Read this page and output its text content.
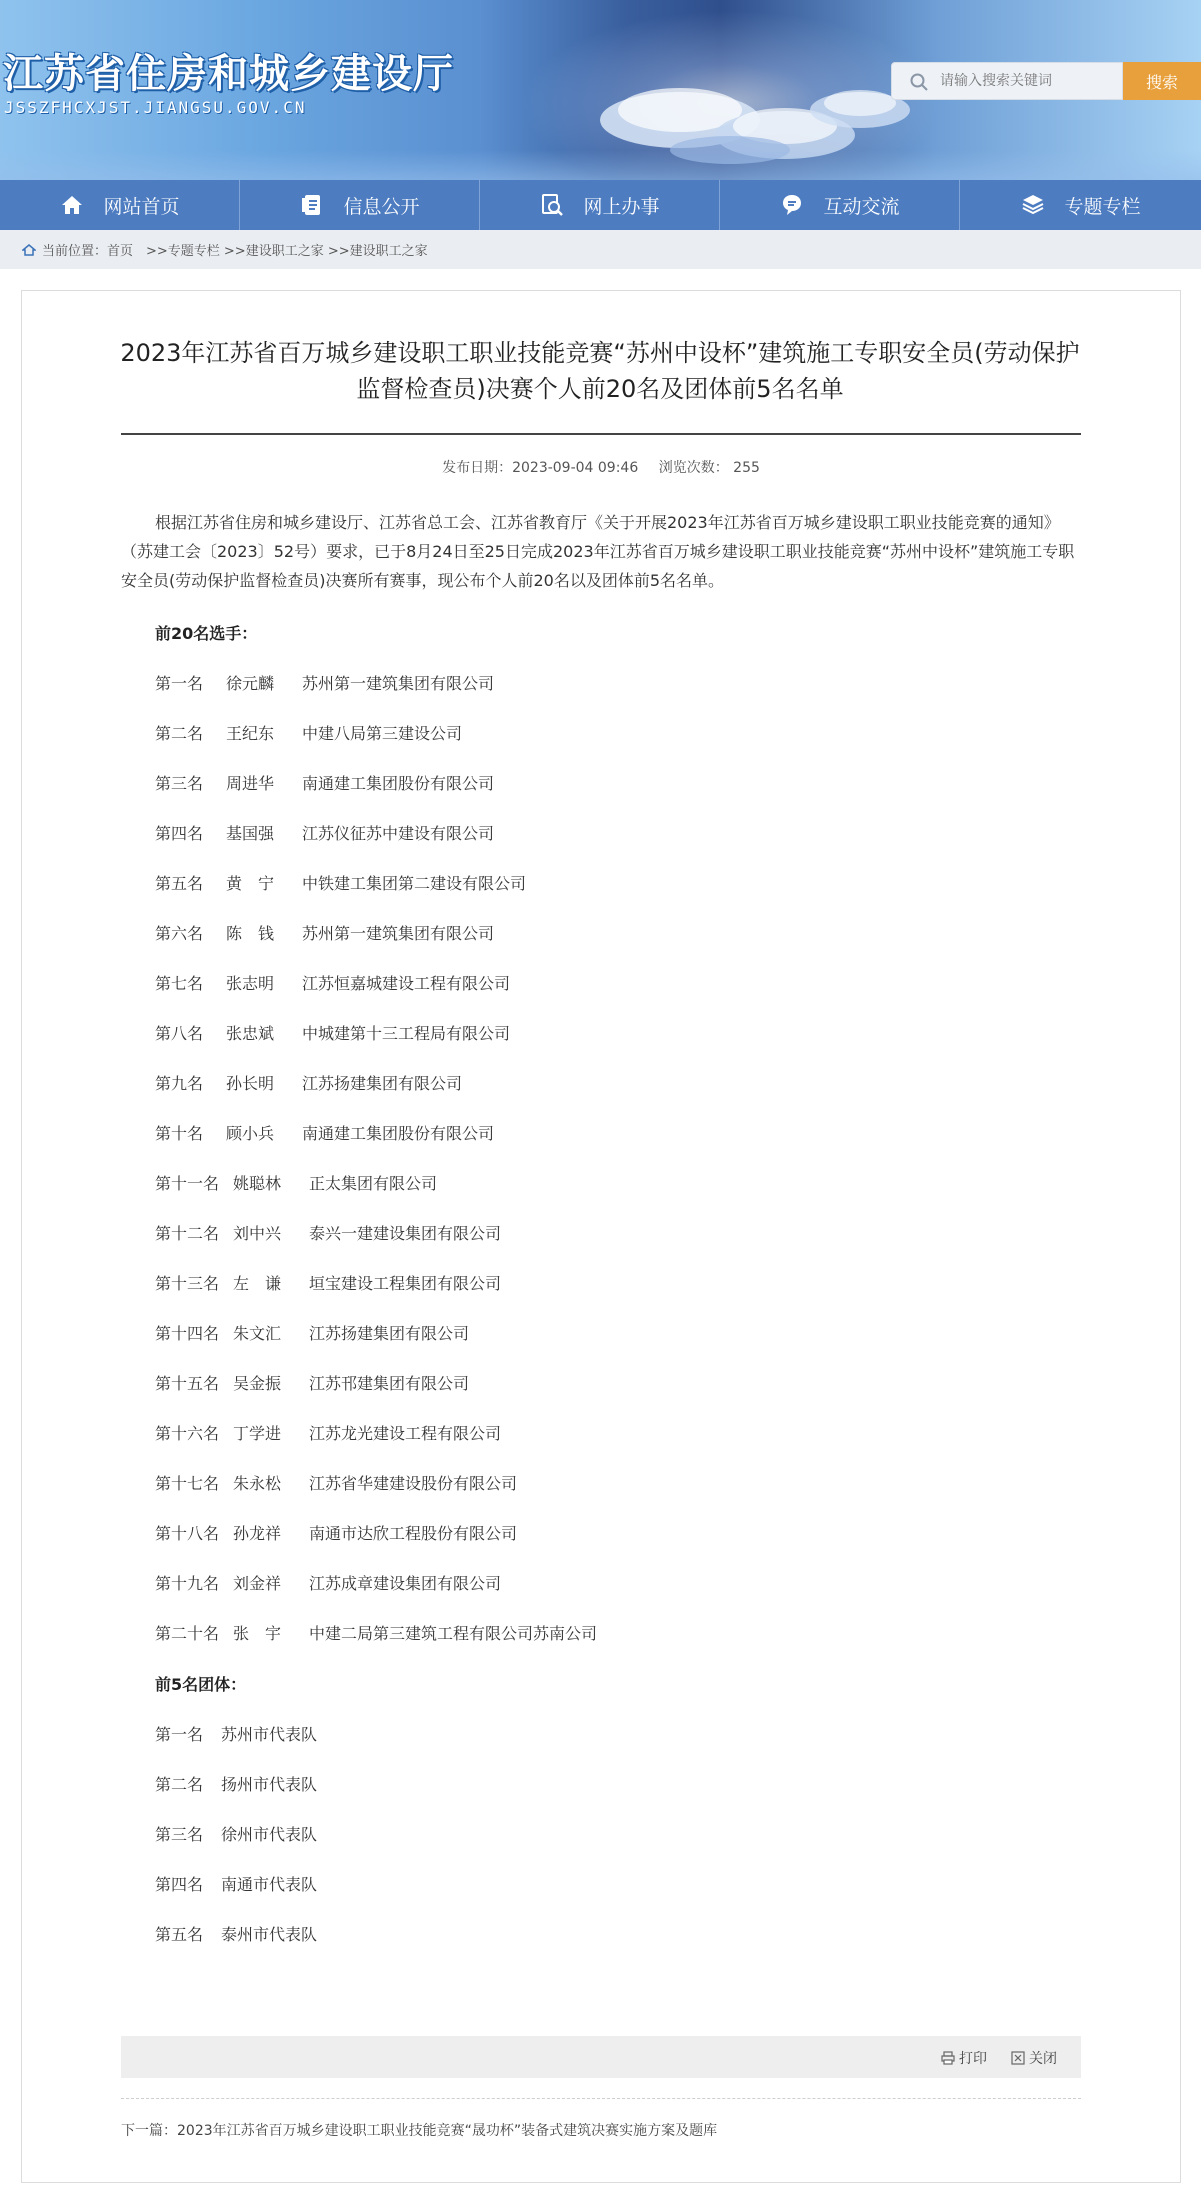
江苏省住房和城乡建设厅
JSSZFHCXJST.JIANGSU.GOV.CN
请输入搜索关键词
搜索
网站首页	信息公开	网上办事	互动交流	专题专栏
当前位置：首页　>>专题专栏 >>建设职工之家 >>建设职工之家
2023年江苏省百万城乡建设职工职业技能竞赛“苏州中设杯”建筑施工专职安全员(劳动保护监督检查员)决赛个人前20名及团体前5名名单
发布日期：2023-09-04 09:46 浏览次数： 255
根据江苏省住房和城乡建设厅、江苏省总工会、江苏省教育厅《关于开展2023年江苏省百万城乡建设职工职业技能竞赛的通知》（苏建工会〔2023〕52号）要求，已于8月24日至25日完成2023年江苏省百万城乡建设职工职业技能竞赛“苏州中设杯”建筑施工专职安全员(劳动保护监督检查员)决赛所有赛事，现公布个人前20名以及团体前5名名单。
前20名选手：
第一名 徐元麟 苏州第一建筑集团有限公司
第二名 王纪东 中建八局第三建设公司
第三名 周进华 南通建工集团股份有限公司
第四名 基国强 江苏仪征苏中建设有限公司
第五名 黄　宁 中铁建工集团第二建设有限公司
第六名 陈　钱 苏州第一建筑集团有限公司
第七名 张志明 江苏恒嘉城建设工程有限公司
第八名 张忠斌 中城建第十三工程局有限公司
第九名 孙长明 江苏扬建集团有限公司
第十名 顾小兵 南通建工集团股份有限公司
第十一名 姚聪林 正太集团有限公司
第十二名 刘中兴 泰兴一建建设集团有限公司
第十三名 左　谦 垣宝建设工程集团有限公司
第十四名 朱文汇 江苏扬建集团有限公司
第十五名 吴金振 江苏邗建集团有限公司
第十六名 丁学进 江苏龙光建设工程有限公司
第十七名 朱永松 江苏省华建建设股份有限公司
第十八名 孙龙祥 南通市达欣工程股份有限公司
第十九名 刘金祥 江苏成章建设集团有限公司
第二十名 张　宇 中建二局第三建筑工程有限公司苏南公司
前5名团体：
第一名 苏州市代表队
第二名 扬州市代表队
第三名 徐州市代表队
第四名 南通市代表队
第五名 泰州市代表队
打印	关闭
下一篇：2023年江苏省百万城乡建设职工职业技能竞赛“晟功杯”装备式建筑决赛实施方案及题库
